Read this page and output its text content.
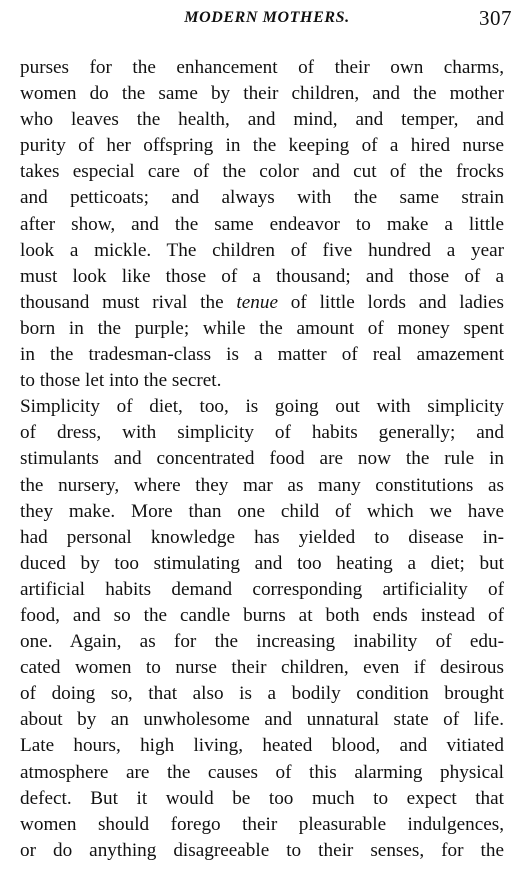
MODERN MOTHERS.	307
purses for the enhancement of their own charms,
women do the same by their children, and the mother
who leaves the health, and mind, and temper, and
purity of her offspring in the keeping of a hired nurse
takes especial care of the color and cut of the frocks
and petticoats; and always with the same strain
after show, and the same endeavor to make a little
look a mickle. The children of five hundred a year
must look like those of a thousand; and those of a
thousand must rival the tenue of little lords and ladies
born in the purple; while the amount of money spent
in the tradesman-class is a matter of real amazement
to those let into the secret.
Simplicity of diet, too, is going out with simplicity
of dress, with simplicity of habits generally; and
stimulants and concentrated food are now the rule in
the nursery, where they mar as many constitutions as
they make. More than one child of which we have
had personal knowledge has yielded to disease in-
duced by too stimulating and too heating a diet; but
artificial habits demand corresponding artificiality of
food, and so the candle burns at both ends instead of
one. Again, as for the increasing inability of edu-
cated women to nurse their children, even if desirous
of doing so, that also is a bodily condition brought
about by an unwholesome and unnatural state of life.
Late hours, high living, heated blood, and vitiated
atmosphere are the causes of this alarming physical
defect. But it would be too much to expect that
women should forego their pleasurable indulgences,
or do anything disagreeable to their senses, for the
